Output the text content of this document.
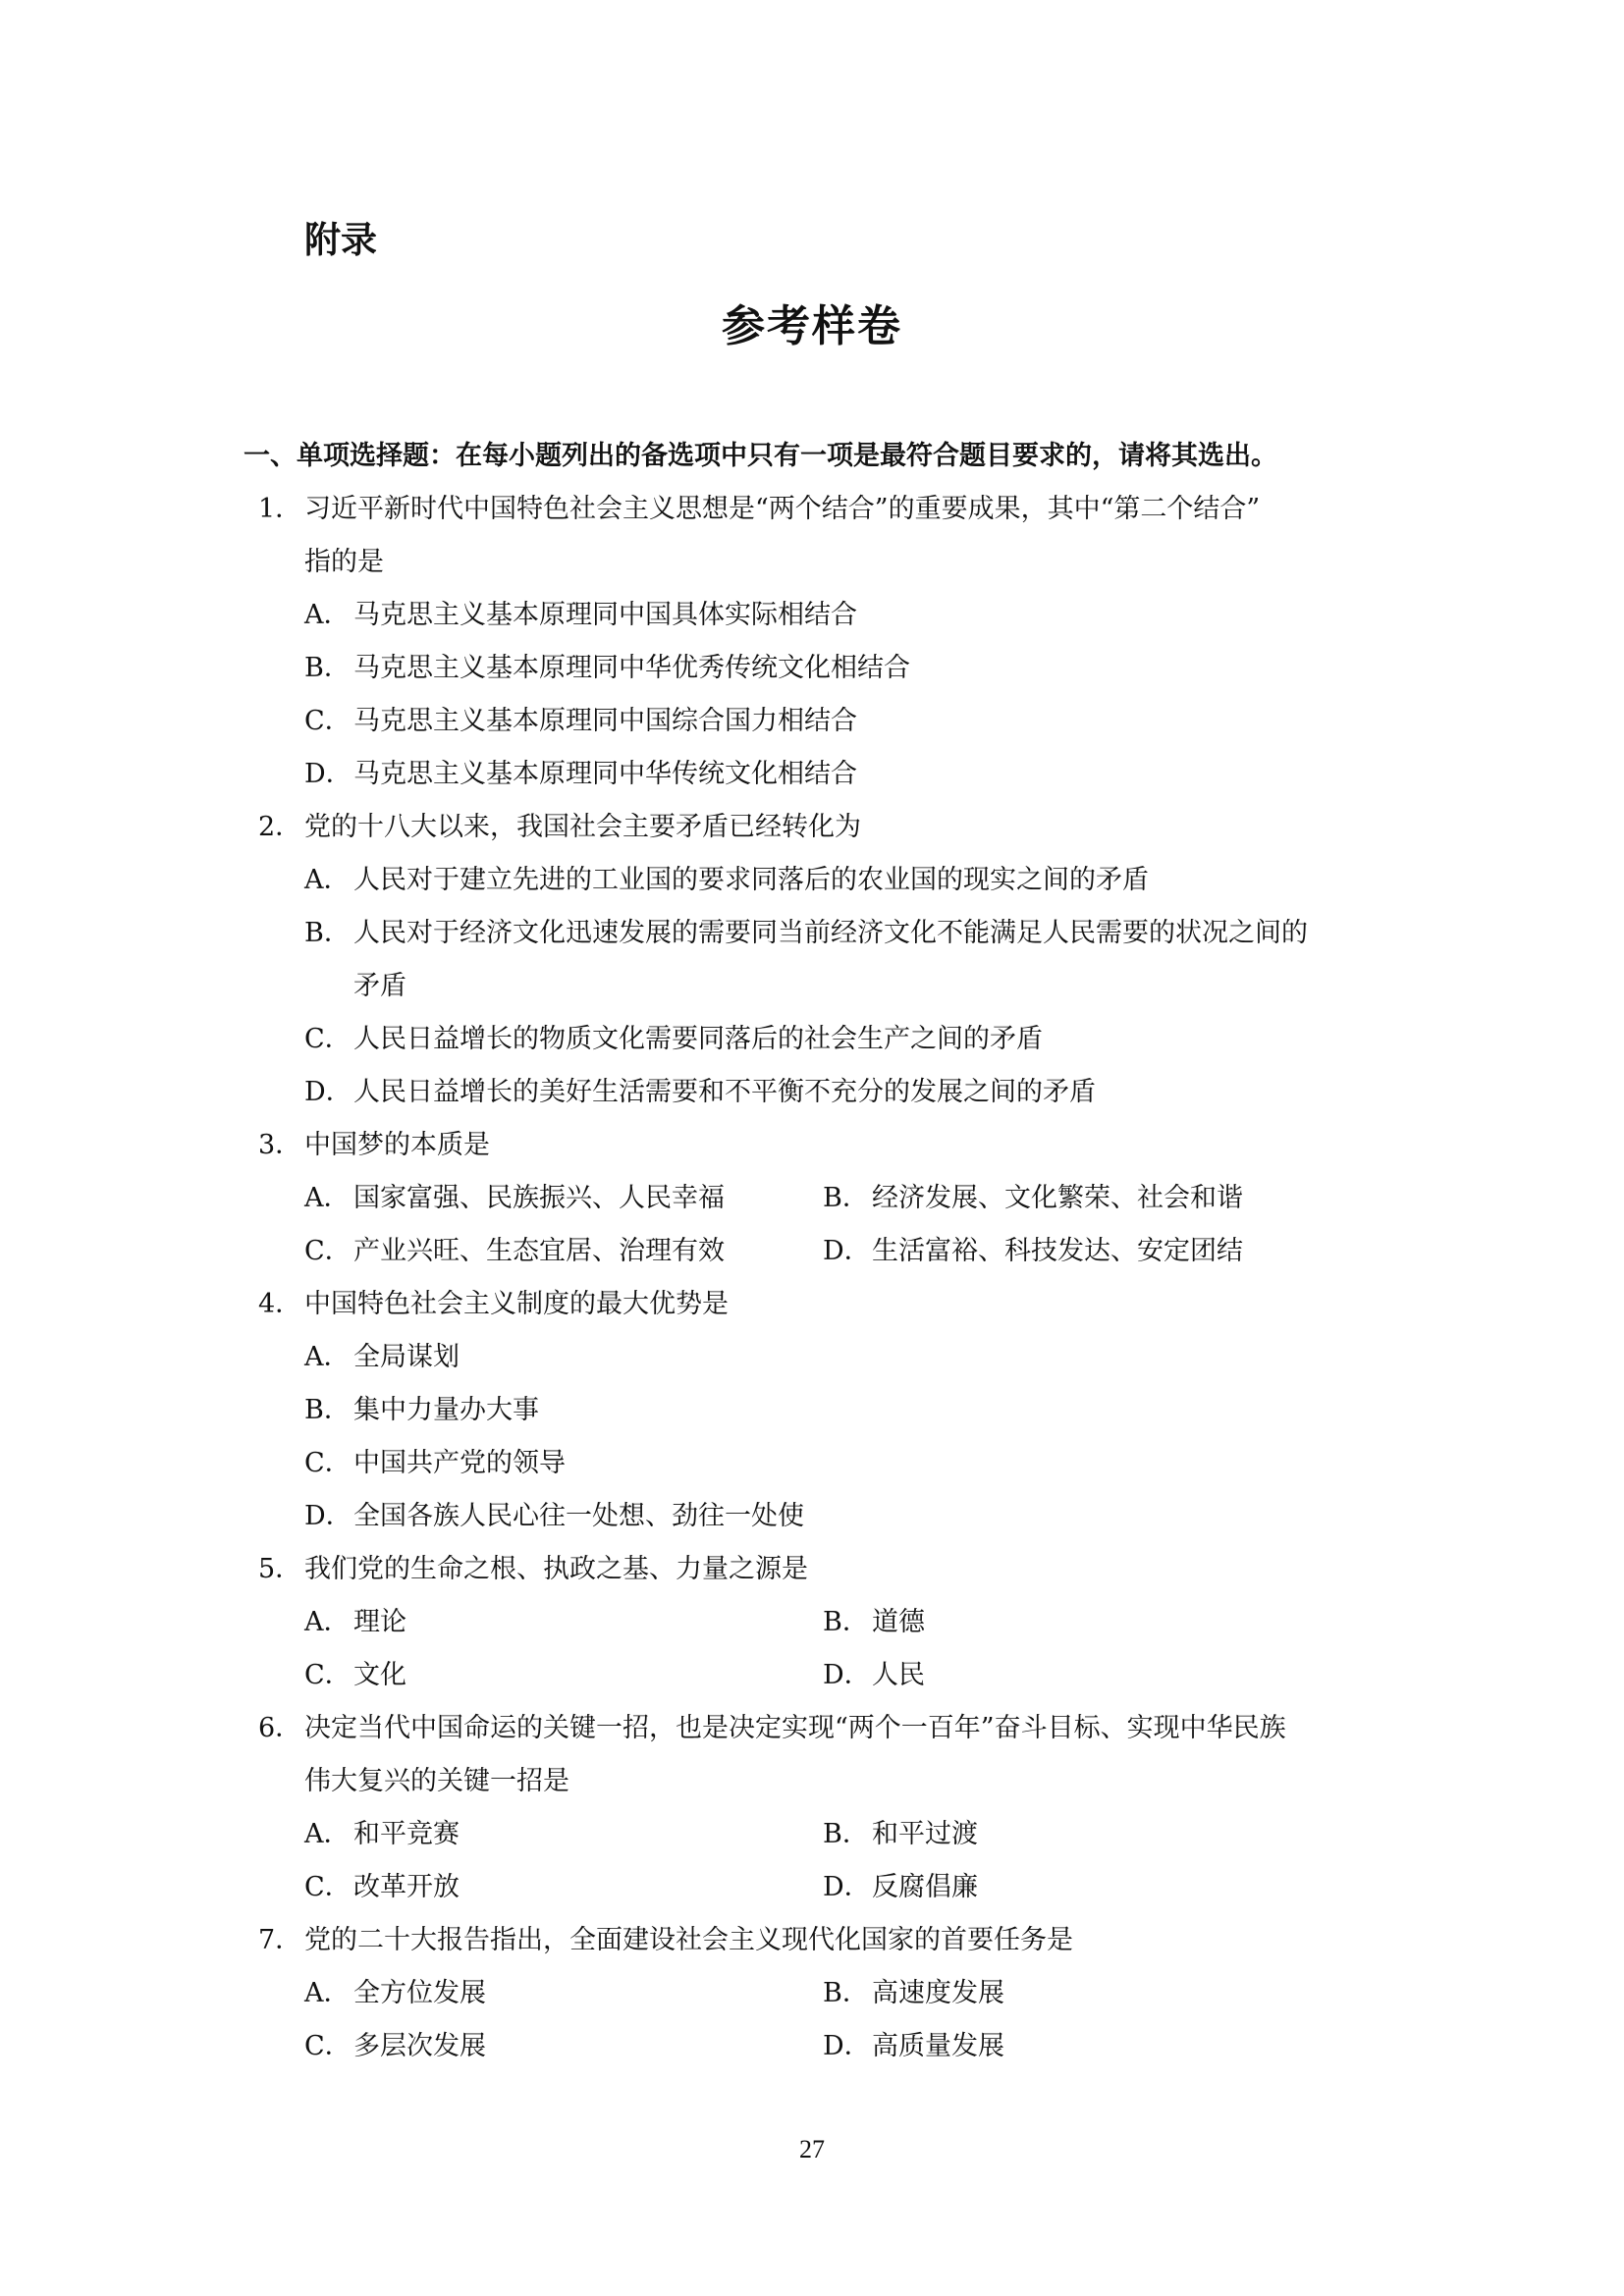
附录
参考样卷
一、单项选择题：在每小题列出的备选项中只有一项是最符合题目要求的，请将其选出。
1． 习近平新时代中国特色社会主义思想是“两个结合”的重要成果，其中“第二个结合”
指的是
A． 马克思主义基本原理同中国具体实际相结合
B． 马克思主义基本原理同中华优秀传统文化相结合
C． 马克思主义基本原理同中国综合国力相结合
D． 马克思主义基本原理同中华传统文化相结合
2． 党的十八大以来，我国社会主要矛盾已经转化为
A． 人民对于建立先进的工业国的要求同落后的农业国的现实之间的矛盾
B． 人民对于经济文化迅速发展的需要同当前经济文化不能满足人民需要的状况之间的
矛盾
C． 人民日益增长的物质文化需要同落后的社会生产之间的矛盾
D． 人民日益增长的美好生活需要和不平衡不充分的发展之间的矛盾
3． 中国梦的本质是
A． 国家富强、民族振兴、人民幸福	B． 经济发展、文化繁荣、社会和谐
C． 产业兴旺、生态宜居、治理有效	D． 生活富裕、科技发达、安定团结
4． 中国特色社会主义制度的最大优势是
A． 全局谋划
B． 集中力量办大事
C． 中国共产党的领导
D． 全国各族人民心往一处想、劲往一处使
5． 我们党的生命之根、执政之基、力量之源是
A． 理论	B． 道德
C． 文化	D． 人民
6． 决定当代中国命运的关键一招，也是决定实现“两个一百年”奋斗目标、实现中华民族
伟大复兴的关键一招是
A． 和平竞赛	B． 和平过渡
C． 改革开放	D． 反腐倡廉
7． 党的二十大报告指出，全面建设社会主义现代化国家的首要任务是
A． 全方位发展	B． 高速度发展
C． 多层次发展	D． 高质量发展
27
